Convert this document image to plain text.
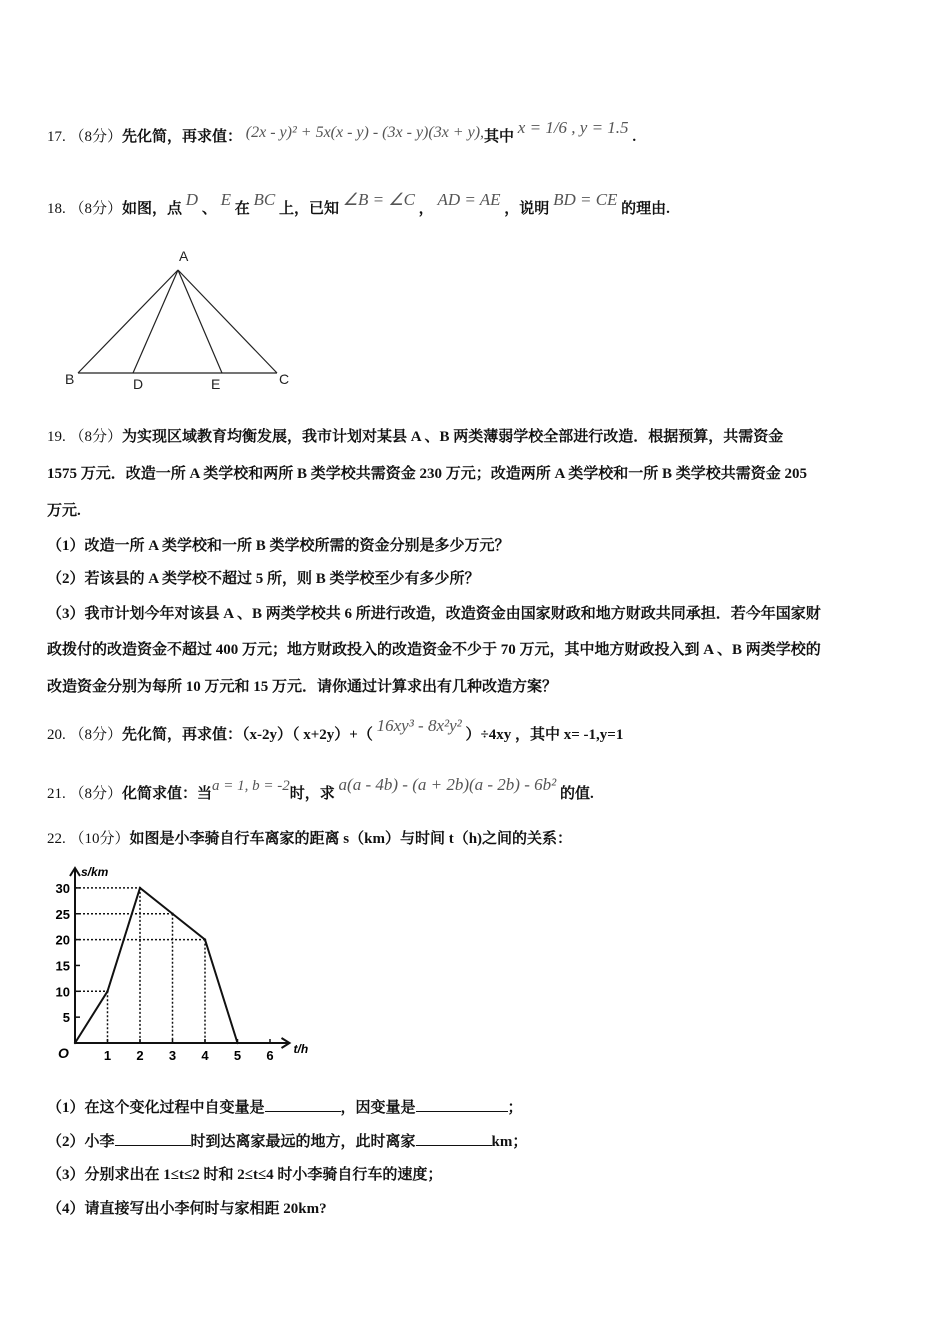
17. （8分）先化简，再求值： (2x - y)² + 5x(x - y) - (3x - y)(3x + y),其中 x = 1/6 , y = 1.5 .
18. （8分）如图，点 D 、 E 在 BC 上，已知 ∠B = ∠C ， AD = AE ，说明 BD = CE 的理由.
A
B	D	E	C
19. （8分）为实现区域教育均衡发展，我市计划对某县 A 、B 两类薄弱学校全部进行改造．根据预算，共需资金
1575 万元．改造一所 A 类学校和两所 B 类学校共需资金 230 万元；改造两所 A 类学校和一所 B 类学校共需资金 205
万元.
（1）改造一所 A 类学校和一所 B 类学校所需的资金分别是多少万元？
（2）若该县的 A 类学校不超过 5 所，则 B 类学校至少有多少所？
（3）我市计划今年对该县 A 、B 两类学校共 6 所进行改造，改造资金由国家财政和地方财政共同承担．若今年国家财
政拨付的改造资金不超过 400 万元；地方财政投入的改造资金不少于 70 万元，其中地方财政投入到 A 、B 两类学校的
改造资金分别为每所 10 万元和 15 万元．请你通过计算求出有几种改造方案？
20. （8分）先化简，再求值：（x-2y）（ x+2y）+（ 16xy³ - 8x²y² ）÷4xy ，其中 x= -1,y=1
21. （8分）化简求值：当a = 1, b = -2时，求 a(a - 4b) - (a + 2b)(a - 2b) - 6b² 的值.
22. （10分）如图是小李骑自行车离家的距离 s（km）与时间 t（h)之间的关系：
s/km
t/h
O
5
10
15
20
25
30
1 2 3 4 5 6
（1）在这个变化过程中自变量是	，因变量是	；
（2）小李	时到达离家最远的地方，此时离家	km；
（3）分别求出在 1≤t≤2 时和 2≤t≤4 时小李骑自行车的速度；
（4）请直接写出小李何时与家相距 20km?
